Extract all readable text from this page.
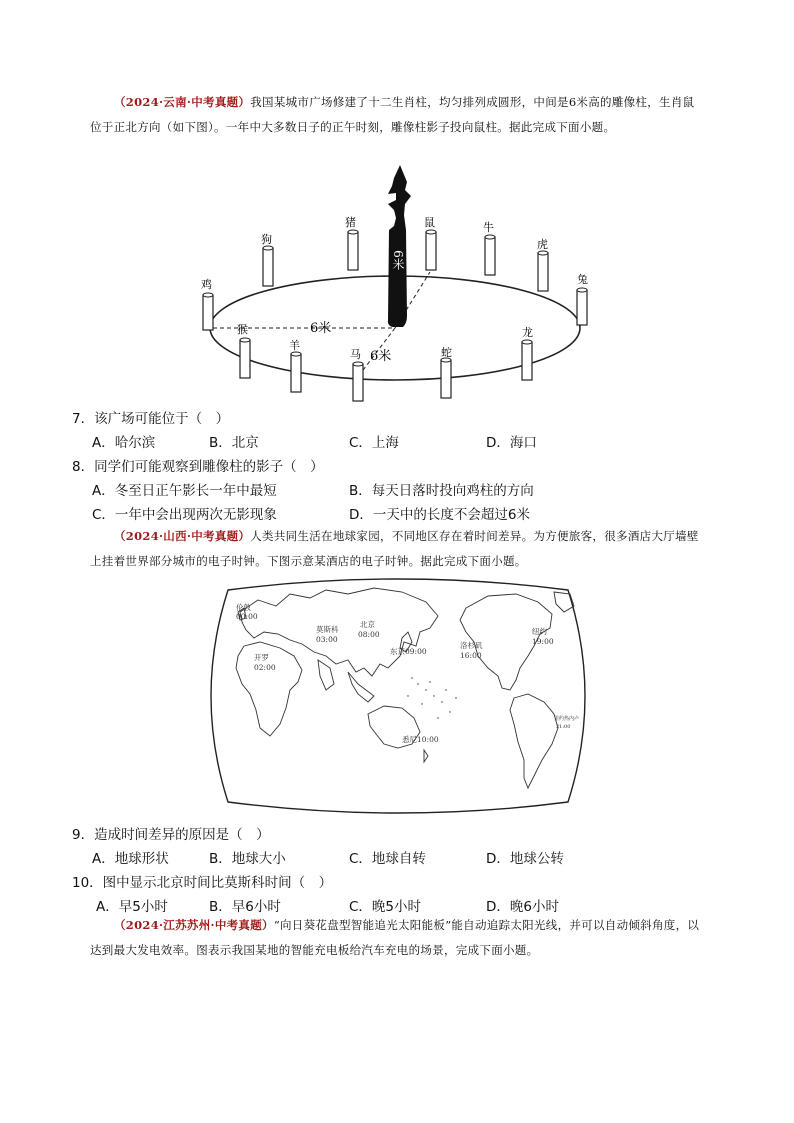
（2024·云南·中考真题）我国某城市广场修建了十二生肖柱，均匀排列成圆形，中间是6米高的雕像柱，生肖鼠位于正北方向（如下图）。一年中大多数日子的正午时刻，雕像柱影子投向鼠柱。据此完成下面小题。

猪	鼠	牛
虎
兔
龙
蛇
马
羊
猴
鸡
狗
6米
6米
6米

7．该广场可能位于（　）

A．哈尔滨	B．北京	C．上海	D．海口

8．同学们可能观察到雕像柱的影子（　）

A．冬至日正午影长一年中最短	B．每天日落时投向鸡柱的方向

C．一年中会出现两次无影现象	D．一天中的长度不会超过6米

（2024·山西·中考真题）人类共同生活在地球家园，不同地区存在着时间差异。为方便旅客，很多酒店大厅墙壁上挂着世界部分城市的电子时钟。下图示意某酒店的电子时钟。据此完成下面小题。

伦敦
00:00
开罗
02:00
莫斯科
03:00
北京
08:00
东京09:00
悉尼10:00
洛杉矶
16:00
纽约
19:00
里约热内卢
21:00

9．造成时间差异的原因是（　）

A．地球形状	B．地球大小	C．地球自转	D．地球公转

10．图中显示北京时间比莫斯科时间（　）

A．早5小时	B．早6小时	C．晚5小时	D．晚6小时

（2024·江苏苏州·中考真题）“向日葵花盘型智能追光太阳能板”能自动追踪太阳光线，并可以自动倾斜角度，以达到最大发电效率。图表示我国某地的智能充电板给汽车充电的场景，完成下面小题。
